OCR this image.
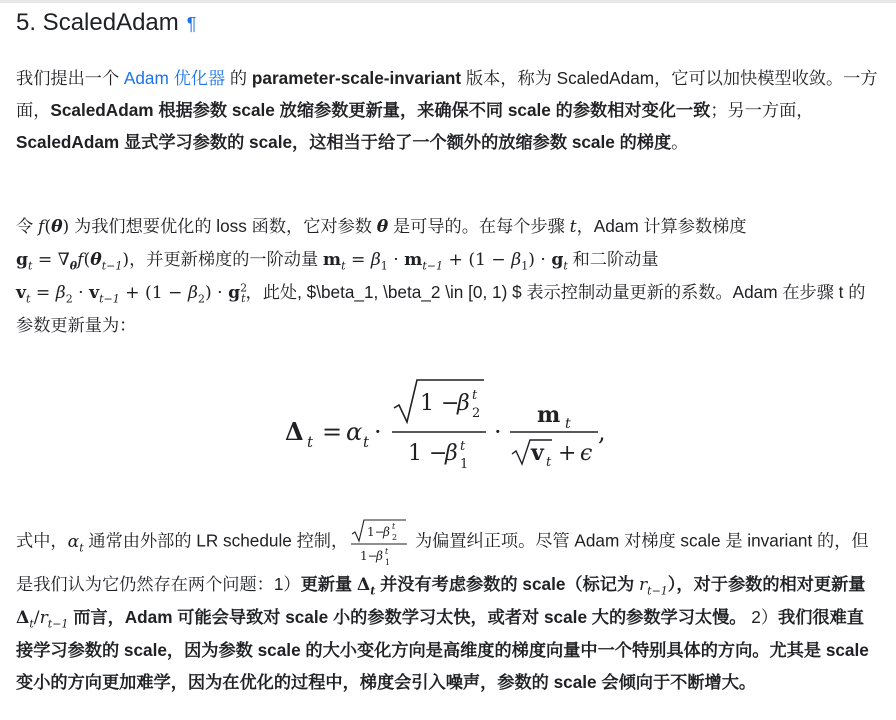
5. ScaledAdam ¶

我们提出一个 Adam 优化器 的 parameter-scale-invariant 版本，称为 ScaledAdam，它可以加快模型收敛。一方面，ScaledAdam 根据参数 scale 放缩参数更新量，来确保不同 scale 的参数相对变化一致；另一方面，ScaledAdam 显式学习参数的 scale，这相当于给了一个额外的放缩参数 scale 的梯度。

令 f(θ) 为我们想要优化的 loss 函数，它对参数 θ 是可导的。在每个步骤 t，Adam 计算参数梯度
$g_t = \nabla_\theta f(\theta_{t-1})$，并更新梯度的一阶动量 $m_t = \beta_1 \cdot m_{t-1} + (1 - \beta_1) \cdot g_t$ 和二阶动量
$v_t = \beta_2 \cdot v_{t-1} + (1 - \beta_2) \cdot g^2_t$，此处, $\beta_1, \beta_2 \in [0, 1) $ 表示控制动量更新的系数。Adam 在步骤 t 的参数更新量为：

Δ t = α t ·
1 −
β t
2
1 −
β t
1
·
m t
v t + ϵ
,

式中，$\alpha_t$ 通常由外部的 LR schedule 控制， 1−
β t
2
1−
β t
1
为偏置纠正项。尽管 Adam 对梯度 scale 是 invariant 的，但是我们认为它仍然存在两个问题：1）更新量 $\Delta_t$ 并没有考虑参数的 scale（标记为 $r_{t-1}$），对于参数的相对更新量 $\Delta_t/r_{t-1}$ 而言，Adam 可能会导致对 scale 小的参数学习太快，或者对 scale 大的参数学习太慢。 2）我们很难直接学习参数的 scale，因为参数 scale 的大小变化方向是高维度的梯度向量中一个特别具体的方向。尤其是 scale 变小的方向更加难学，因为在优化的过程中，梯度会引入噪声，参数的 scale 会倾向于不断增大。
